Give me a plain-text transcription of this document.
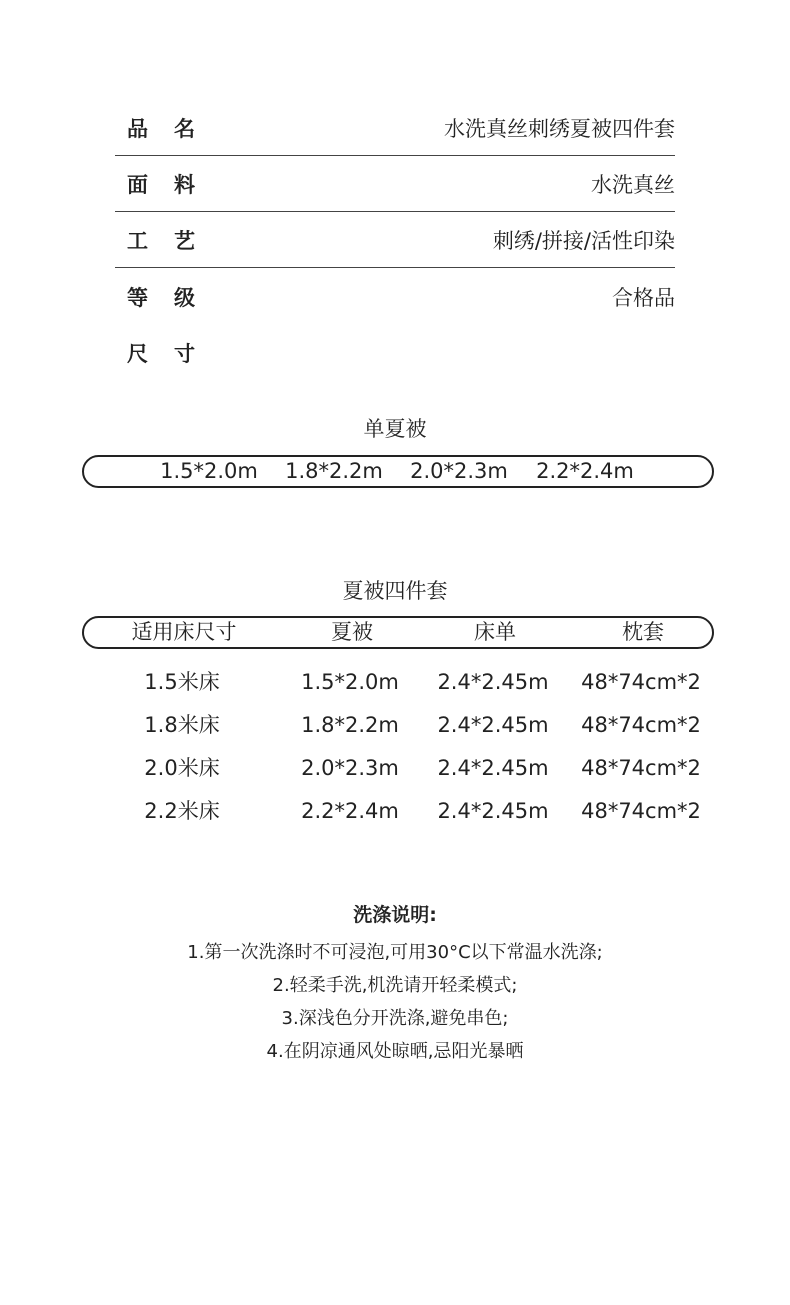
品名	水洗真丝刺绣夏被四件套
面料	水洗真丝
工艺	刺绣/拼接/活性印染
等级	合格品
尺寸
单夏被
1.5*2.0m	1.8*2.2m	2.0*2.3m	2.2*2.4m
夏被四件套
适用床尺寸	夏被	床单	枕套
1.5米床	1.5*2.0m	2.4*2.45m	48*74cm*2
1.8米床	1.8*2.2m	2.4*2.45m	48*74cm*2
2.0米床	2.0*2.3m	2.4*2.45m	48*74cm*2
2.2米床	2.2*2.4m	2.4*2.45m	48*74cm*2
洗涤说明:
1.第一次洗涤时不可浸泡,可用30°C以下常温水洗涤;
2.轻柔手洗,机洗请开轻柔模式;
3.深浅色分开洗涤,避免串色;
4.在阴凉通风处晾晒,忌阳光暴晒
